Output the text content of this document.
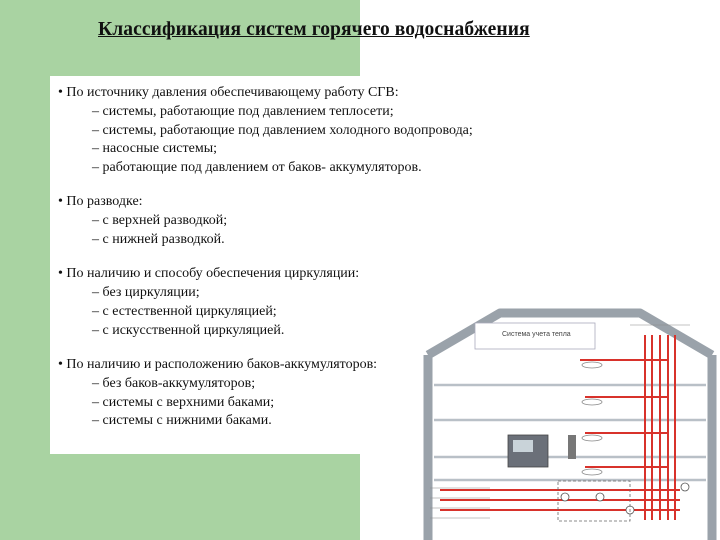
Классификация систем горячего водоснабжения
• По источнику давления обеспечивающему работу СГВ:
– системы, работающие под давлением теплосети;
– системы, работающие под давлением холодного водопровода;
– насосные системы;
– работающие под давлением от баков- аккумуляторов.
• По разводке:
– с верхней разводкой;
– с нижней разводкой.
• По наличию и способу обеспечения циркуляции:
– без циркуляции;
– с естественной циркуляцией;
– с искусственной циркуляцией.
• По наличию и расположению баков-аккумуляторов:
– без баков-аккумуляторов;
– системы с верхними баками;
– системы с нижними баками.
Система учета тепла
